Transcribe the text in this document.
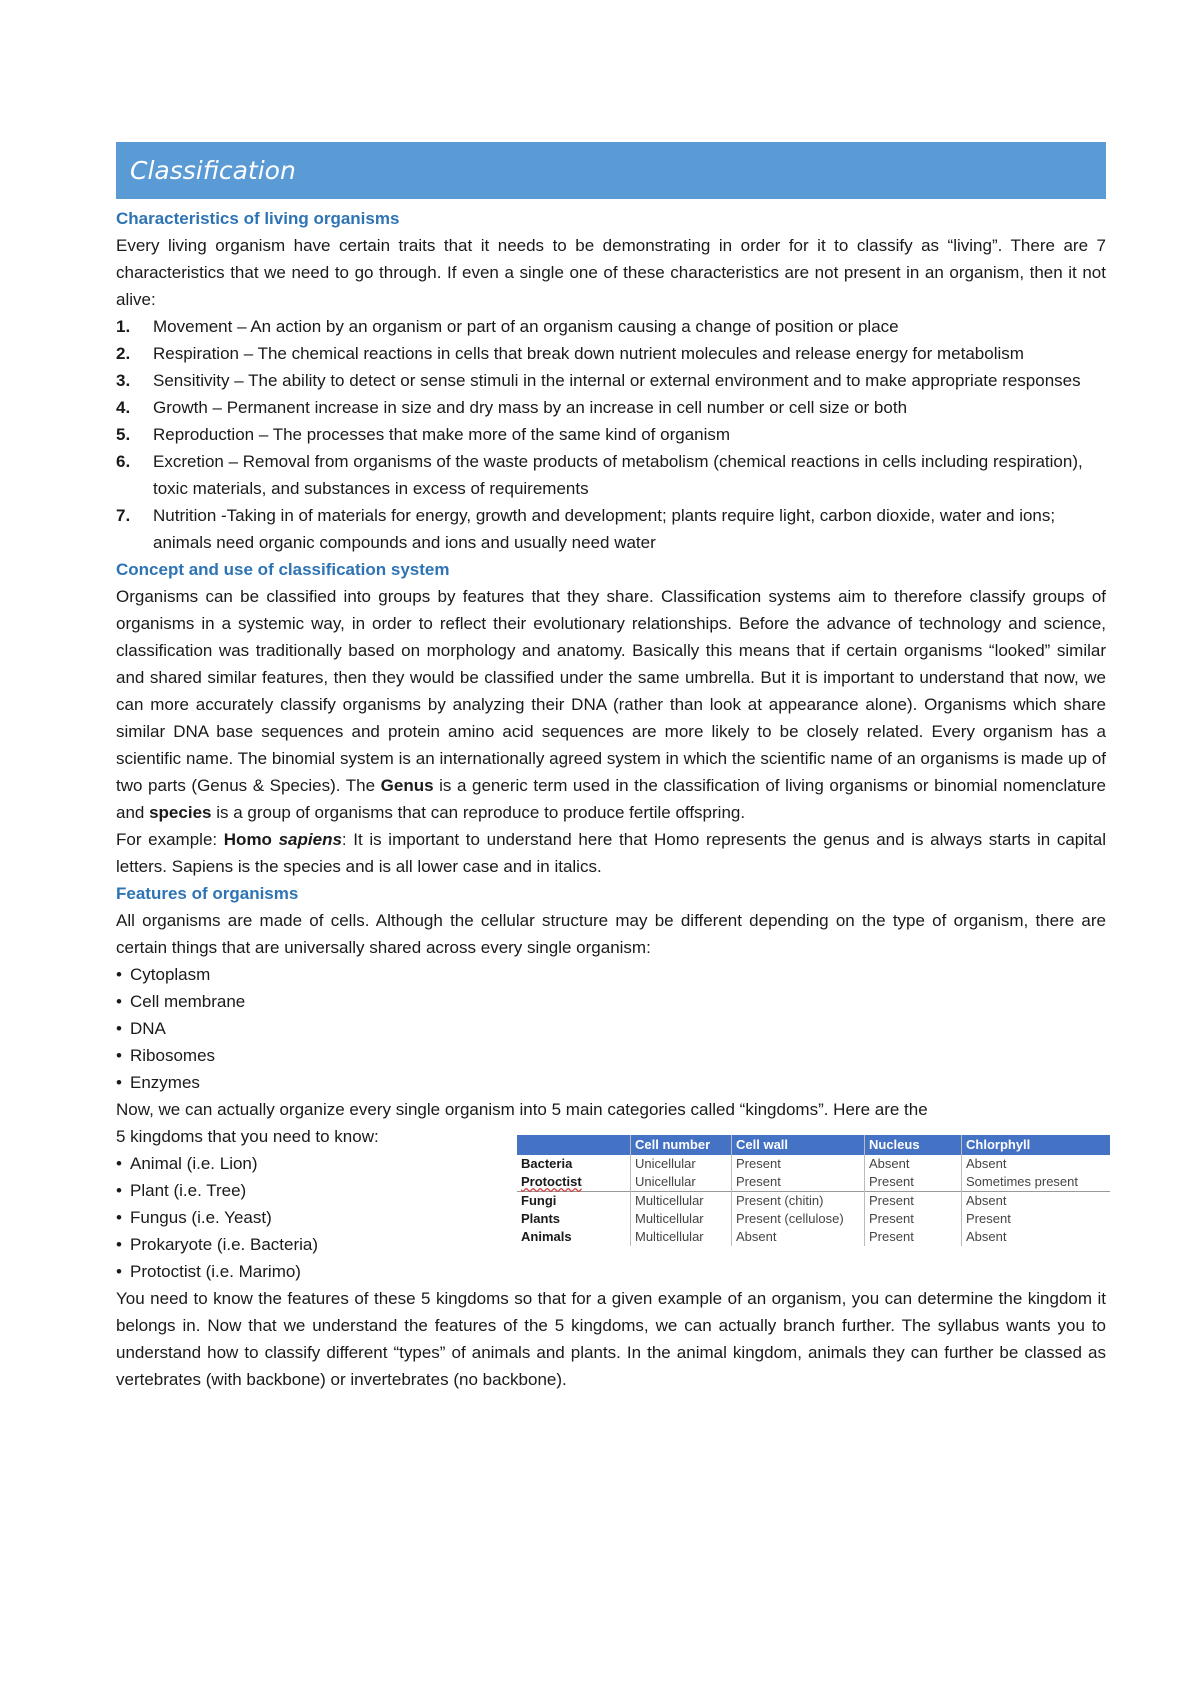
Classification

Characteristics of living organisms

Every living organism have certain traits that it needs to be demonstrating in order for it to classify as “living”. There are 7 characteristics that we need to go through. If even a single one of these characteristics are not present in an organism, then it not alive:

1. Movement – An action by an organism or part of an organism causing a change of position or place
2. Respiration – The chemical reactions in cells that break down nutrient molecules and release energy for metabolism
3. Sensitivity – The ability to detect or sense stimuli in the internal or external environment and to make appropriate responses
4. Growth – Permanent increase in size and dry mass by an increase in cell number or cell size or both
5. Reproduction – The processes that make more of the same kind of organism
6. Excretion – Removal from organisms of the waste products of metabolism (chemical reactions in cells including respiration), toxic materials, and substances in excess of requirements
7. Nutrition -Taking in of materials for energy, growth and development; plants require light, carbon dioxide, water and ions; animals need organic compounds and ions and usually need water

Concept and use of classification system

Organisms can be classified into groups by features that they share. Classification systems aim to therefore classify groups of organisms in a systemic way, in order to reflect their evolutionary relationships. Before the advance of technology and science, classification was traditionally based on morphology and anatomy. Basically this means that if certain organisms “looked” similar and shared similar features, then they would be classified under the same umbrella. But it is important to understand that now, we can more accurately classify organisms by analyzing their DNA (rather than look at appearance alone). Organisms which share similar DNA base sequences and protein amino acid sequences are more likely to be closely related. Every organism has a scientific name. The binomial system is an internationally agreed system in which the scientific name of an organisms is made up of two parts (Genus & Species). The Genus is a generic term used in the classification of living organisms or binomial nomenclature and species is a group of organisms that can reproduce to produce fertile offspring.

For example: Homo sapiens: It is important to understand here that Homo represents the genus and is always starts in capital letters. Sapiens is the species and is all lower case and in italics.

Features of organisms

All organisms are made of cells. Although the cellular structure may be different depending on the type of organism, there are certain things that are universally shared across every single organism:

• Cytoplasm
• Cell membrane
• DNA
• Ribosomes
• Enzymes

Now, we can actually organize every single organism into 5 main categories called “kingdoms”. Here are the

5 kingdoms that you need to know:

• Animal (i.e. Lion)
• Plant (i.e. Tree)
• Fungus (i.e. Yeast)
• Prokaryote (i.e. Bacteria)
• Protoctist (i.e. Marimo)
	Cell number	Cell wall	Nucleus	Chlorphyll
Bacteria	Unicellular	Present	Absent	Absent
Protoctist	Unicellular	Present	Present	Sometimes present
Fungi	Multicellular	Present (chitin)	Present	Absent
Plants	Multicellular	Present (cellulose)	Present	Present
Animals	Multicellular	Absent	Present	Absent

You need to know the features of these 5 kingdoms so that for a given example of an organism, you can determine the kingdom it belongs in. Now that we understand the features of the 5 kingdoms, we can actually branch further. The syllabus wants you to understand how to classify different “types” of animals and plants. In the animal kingdom, animals they can further be classed as vertebrates (with backbone) or invertebrates (no backbone).
